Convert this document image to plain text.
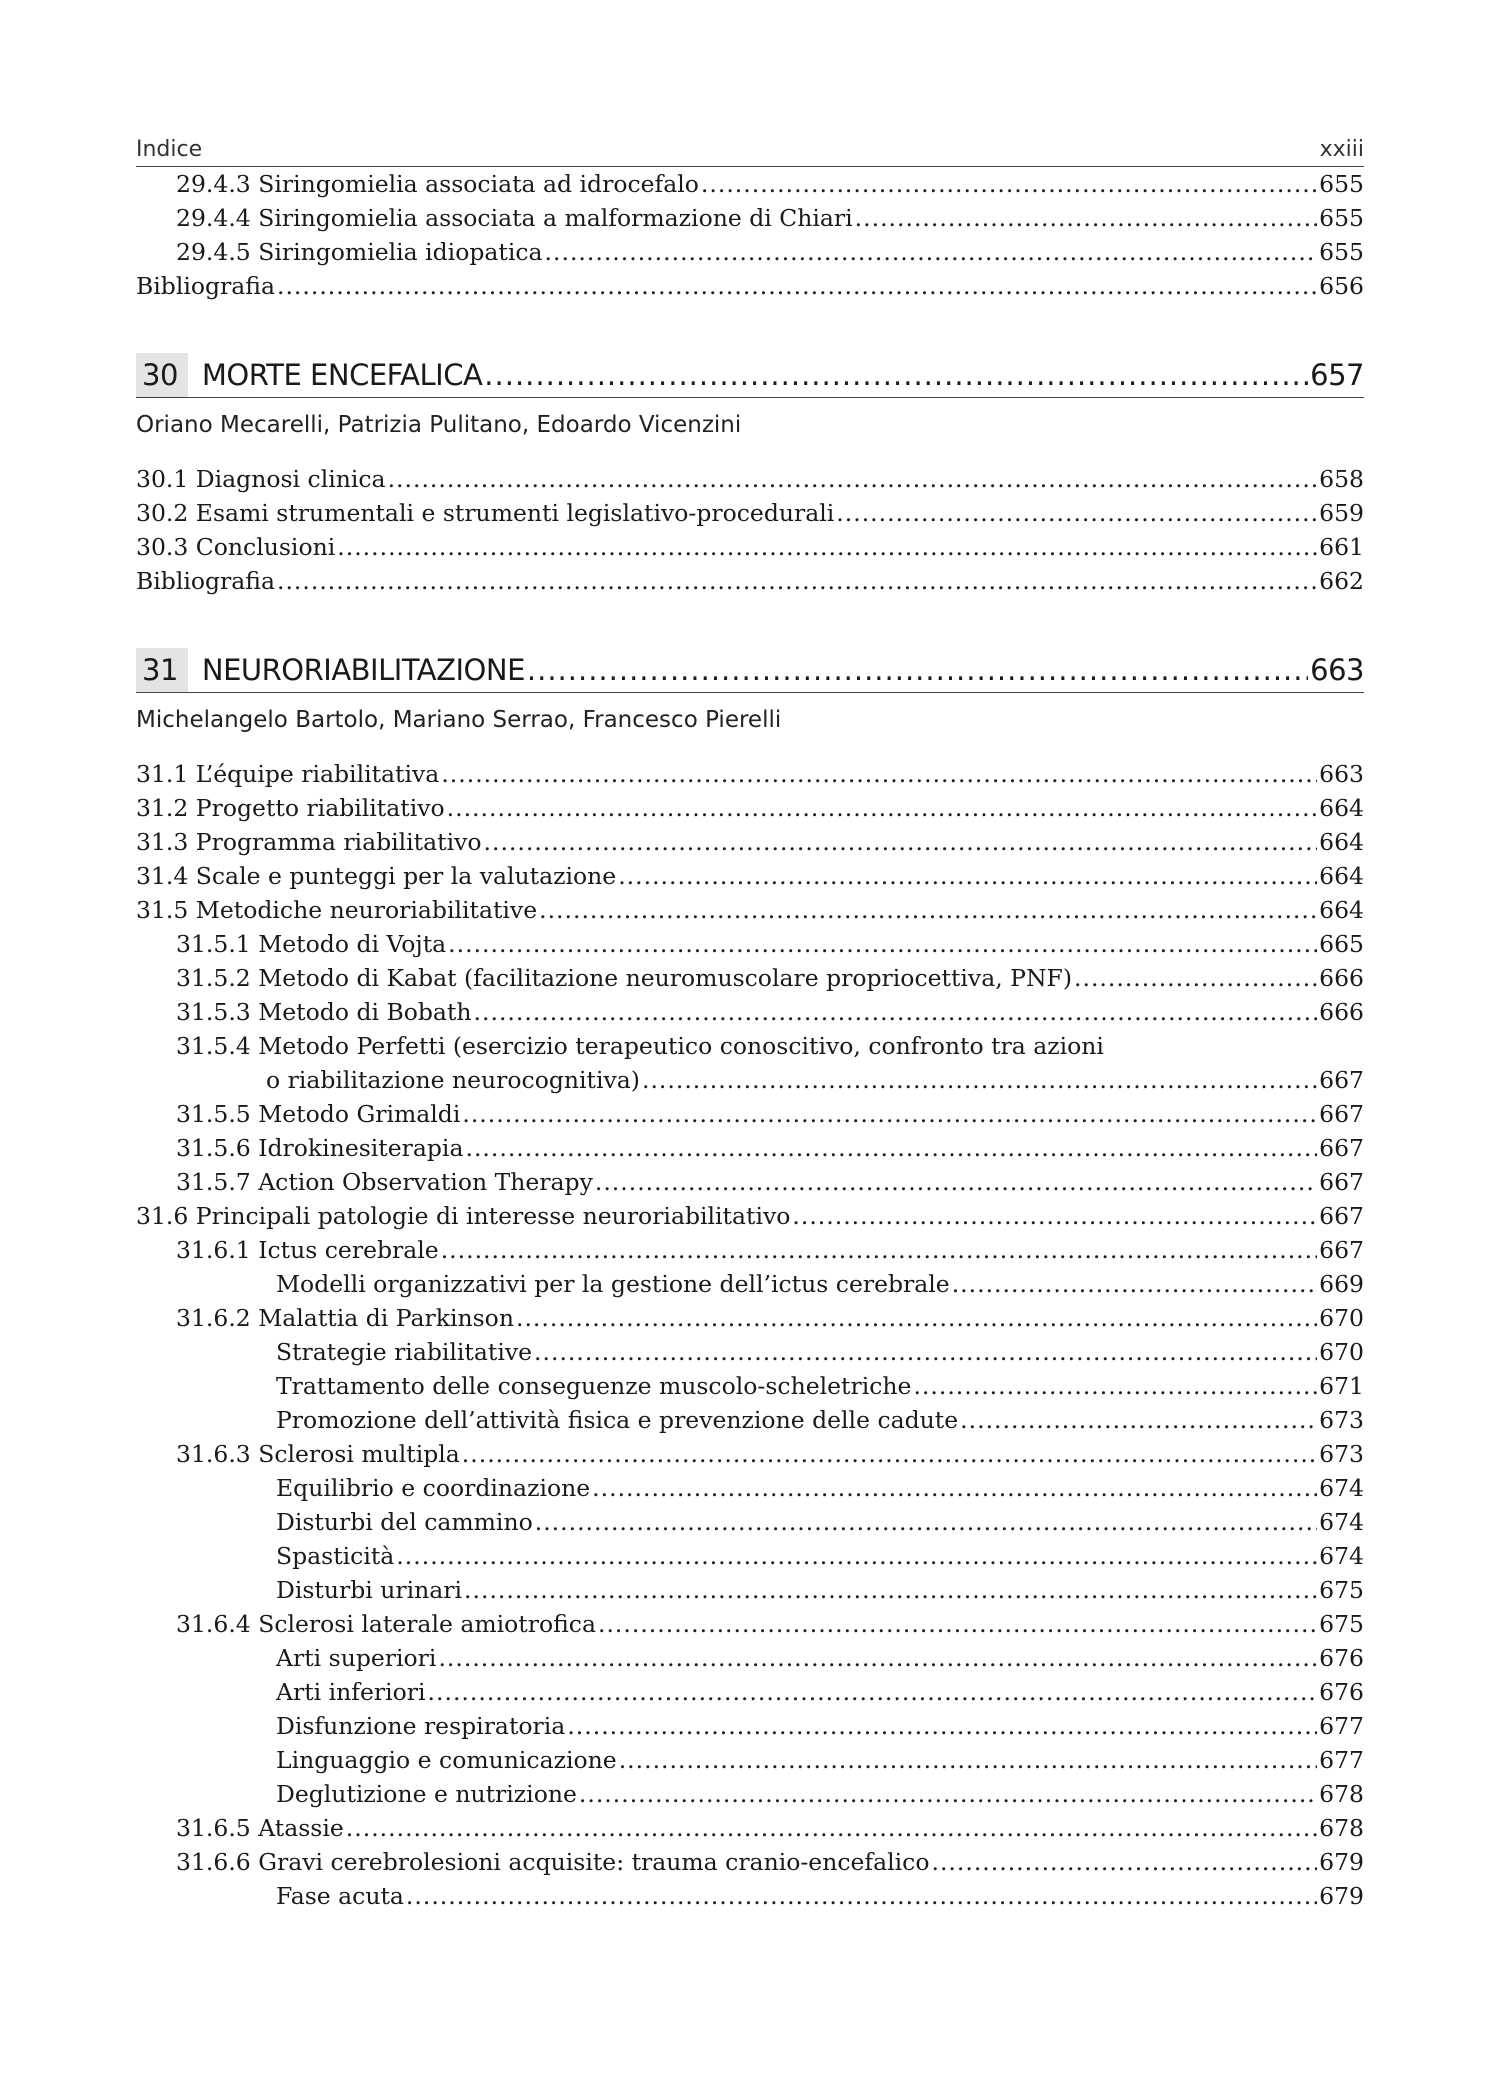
Indice	xxiii
29.4.3 Siringomielia associata ad idrocefalo .....	655
29.4.4 Siringomielia associata a malformazione di Chiari .....	655
29.4.5 Siringomielia idiopatica .....	655
Bibliografia .....	656
30 MORTE ENCEFALICA .....	657
Oriano Mecarelli, Patrizia Pulitano, Edoardo Vicenzini
30.1 Diagnosi clinica .....	658
30.2 Esami strumentali e strumenti legislativo-procedurali .....	659
30.3 Conclusioni .....	661
Bibliografia .....	662
31 NEURORIABILITAZIONE .....	663
Michelangelo Bartolo, Mariano Serrao, Francesco Pierelli
31.1 L’équipe riabilitativa .....	663
31.2 Progetto riabilitativo .....	664
31.3 Programma riabilitativo .....	664
31.4 Scale e punteggi per la valutazione .....	664
31.5 Metodiche neuroriabilitative .....	664
31.5.1 Metodo di Vojta .....	665
31.5.2 Metodo di Kabat (facilitazione neuromuscolare propriocettiva, PNF) .....	666
31.5.3 Metodo di Bobath .....	666
31.5.4 Metodo Perfetti (esercizio terapeutico conoscitivo, confronto tra azioni
o riabilitazione neurocognitiva) .....	667
31.5.5 Metodo Grimaldi .....	667
31.5.6 Idrokinesiterapia .....	667
31.5.7 Action Observation Therapy .....	667
31.6 Principali patologie di interesse neuroriabilitativo .....	667
31.6.1 Ictus cerebrale .....	667
Modelli organizzativi per la gestione dell’ictus cerebrale .....	669
31.6.2 Malattia di Parkinson .....	670
Strategie riabilitative .....	670
Trattamento delle conseguenze muscolo-scheletriche .....	671
Promozione dell’attività fisica e prevenzione delle cadute .....	673
31.6.3 Sclerosi multipla .....	673
Equilibrio e coordinazione .....	674
Disturbi del cammino .....	674
Spasticità .....	674
Disturbi urinari .....	675
31.6.4 Sclerosi laterale amiotrofica .....	675
Arti superiori .....	676
Arti inferiori .....	676
Disfunzione respiratoria .....	677
Linguaggio e comunicazione .....	677
Deglutizione e nutrizione .....	678
31.6.5 Atassie .....	678
31.6.6 Gravi cerebrolesioni acquisite: trauma cranio-encefalico .....	679
Fase acuta .....	679
